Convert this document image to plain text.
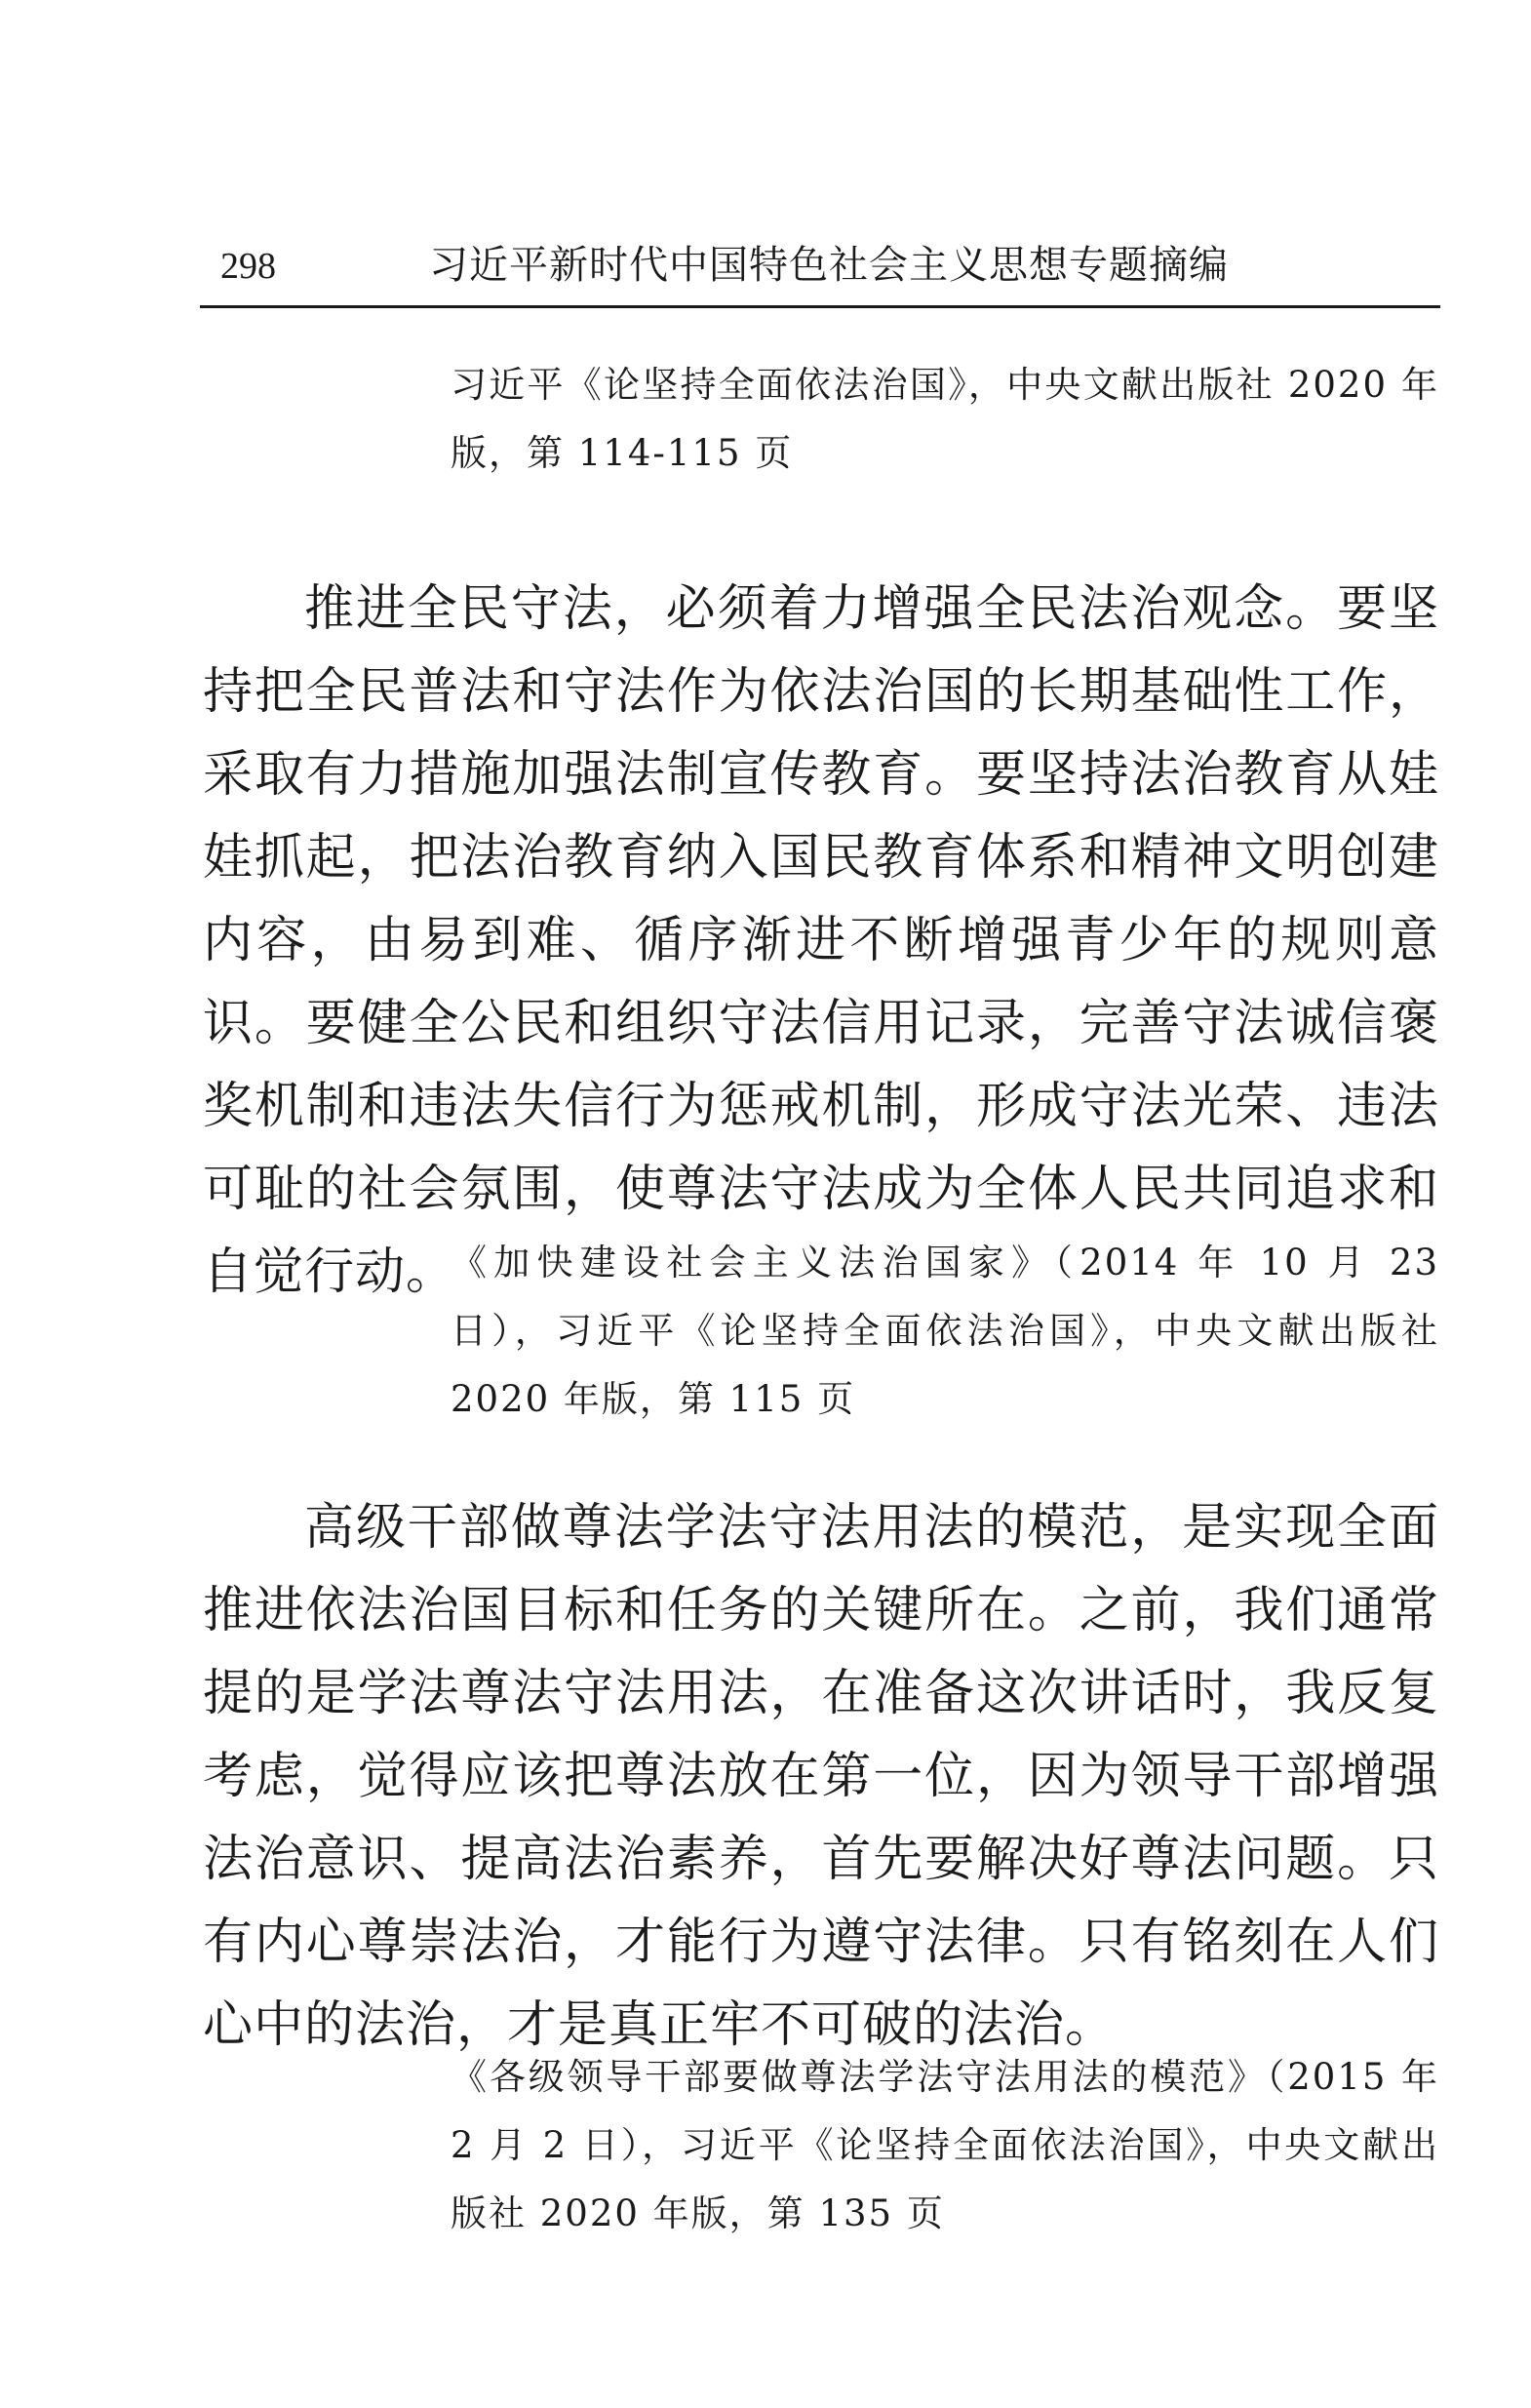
298	习近平新时代中国特色社会主义思想专题摘编

习近平《论坚持全面依法治国》，中央文献出版社 2020 年版，第 114-115 页

推进全民守法，必须着力增强全民法治观念。要坚持把全民普法和守法作为依法治国的长期基础性工作，采取有力措施加强法制宣传教育。要坚持法治教育从娃娃抓起，把法治教育纳入国民教育体系和精神文明创建内容，由易到难、循序渐进不断增强青少年的规则意识。要健全公民和组织守法信用记录，完善守法诚信褒奖机制和违法失信行为惩戒机制，形成守法光荣、违法可耻的社会氛围，使尊法守法成为全体人民共同追求和自觉行动。

《加快建设社会主义法治国家》（2014 年 10 月 23 日），习近平《论坚持全面依法治国》，中央文献出版社 2020 年版，第 115 页

高级干部做尊法学法守法用法的模范，是实现全面推进依法治国目标和任务的关键所在。之前，我们通常提的是学法尊法守法用法，在准备这次讲话时，我反复考虑，觉得应该把尊法放在第一位，因为领导干部增强法治意识、提高法治素养，首先要解决好尊法问题。只有内心尊崇法治，才能行为遵守法律。只有铭刻在人们心中的法治，才是真正牢不可破的法治。

《各级领导干部要做尊法学法守法用法的模范》（2015 年 2 月 2 日），习近平《论坚持全面依法治国》，中央文献出版社 2020 年版，第 135 页
